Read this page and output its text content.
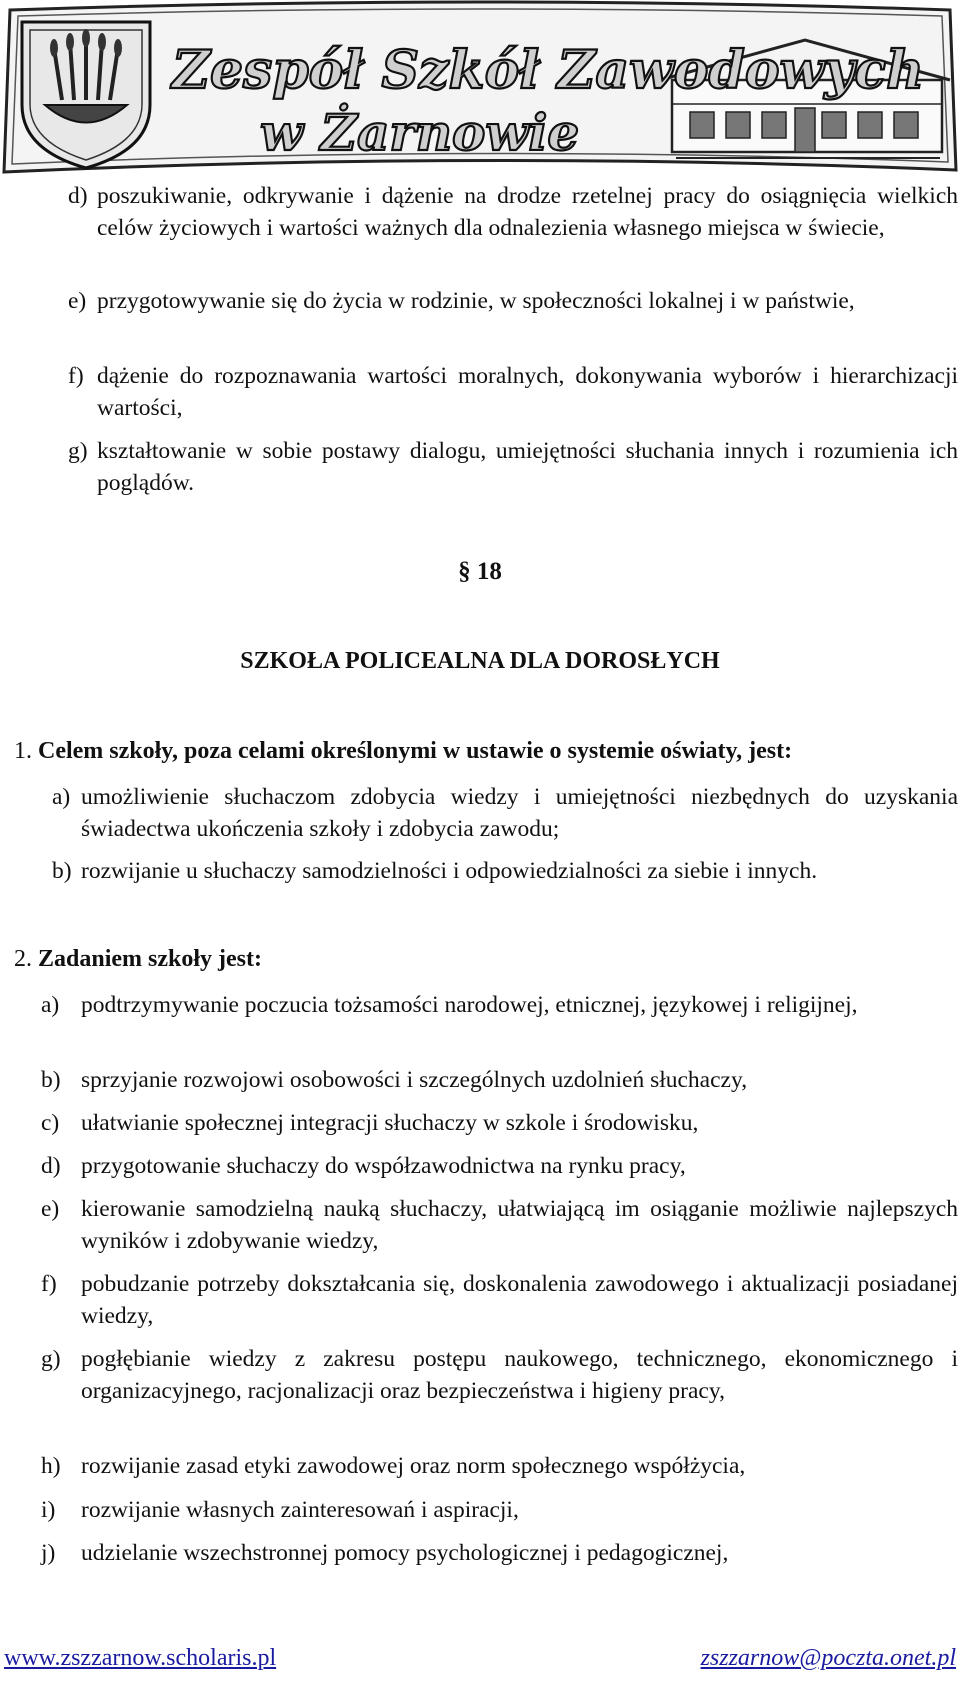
Zespół Szkół Zawodowych
w Żarnowie
d) poszukiwanie, odkrywanie i dążenie na drodze rzetelnej pracy do osiągnięcia wielkich celów życiowych i wartości ważnych dla odnalezienia własnego miejsca w świecie,
e) przygotowywanie się do życia w rodzinie, w społeczności lokalnej i w państwie,
f) dążenie do rozpoznawania wartości moralnych, dokonywania wyborów i hierarchizacji wartości,
g) kształtowanie w sobie postawy dialogu, umiejętności słuchania innych i rozumienia ich poglądów.
§ 18
SZKOŁA POLICEALNA DLA DOROSŁYCH
1. Celem szkoły, poza celami określonymi w ustawie o systemie oświaty, jest:
a) umożliwienie słuchaczom zdobycia wiedzy i umiejętności niezbędnych do uzyskania świadectwa ukończenia szkoły i zdobycia zawodu;
b) rozwijanie u słuchaczy samodzielności i odpowiedzialności za siebie i innych.
2. Zadaniem szkoły jest:
a) podtrzymywanie poczucia tożsamości narodowej, etnicznej, językowej i religijnej,
b) sprzyjanie rozwojowi osobowości i szczególnych uzdolnień słuchaczy,
c) ułatwianie społecznej integracji słuchaczy w szkole i środowisku,
d) przygotowanie słuchaczy do współzawodnictwa na rynku pracy,
e) kierowanie samodzielną nauką słuchaczy, ułatwiającą im osiąganie możliwie najlepszych wyników i zdobywanie wiedzy,
f) pobudzanie potrzeby dokształcania się, doskonalenia zawodowego i aktualizacji posiadanej wiedzy,
g) pogłębianie wiedzy z zakresu postępu naukowego, technicznego, ekonomicznego i organizacyjnego, racjonalizacji oraz bezpieczeństwa i higieny pracy,
h) rozwijanie zasad etyki zawodowej oraz norm społecznego współżycia,
i) rozwijanie własnych zainteresowań i aspiracji,
j) udzielanie wszechstronnej pomocy psychologicznej i pedagogicznej,
www.zszzarnow.scholaris.pl	zszzarnow@poczta.onet.pl
